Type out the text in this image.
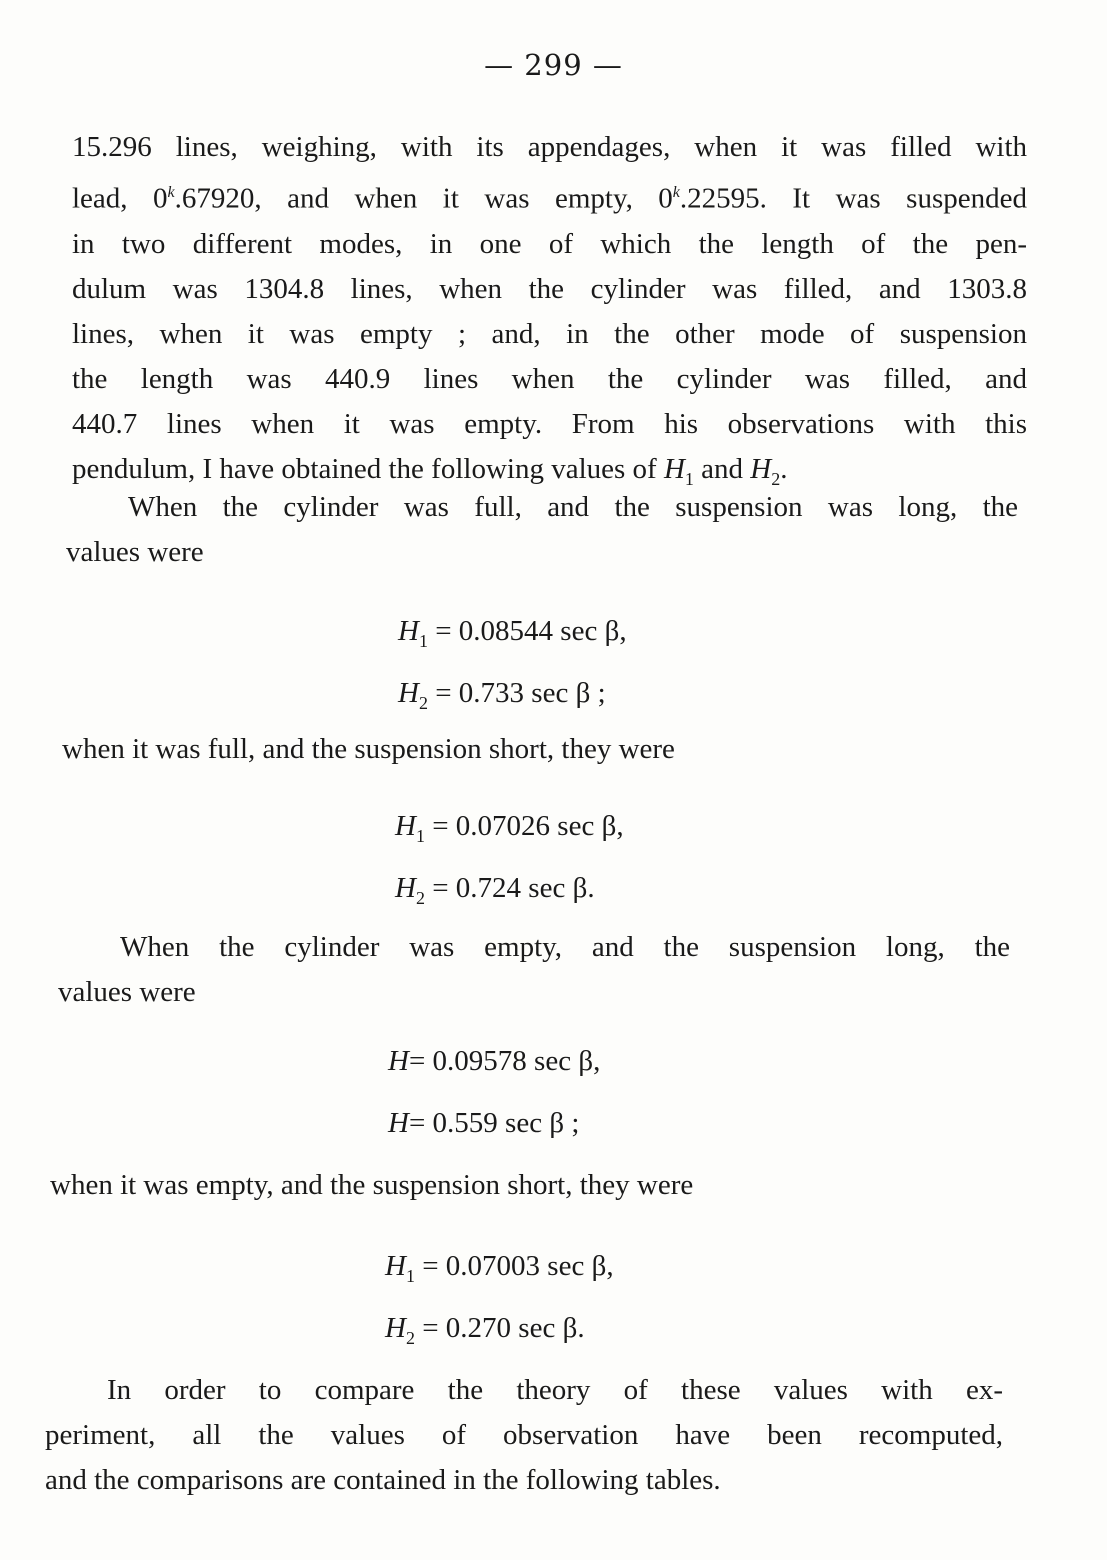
— 299 —
15.296 lines, weighing, with its appendages, when it was filled with
lead, 0$^k$.67920, and when it was empty, 0$^k$.22595. It was suspended
in two different modes, in one of which the length of the pen-
dulum was 1304.8 lines, when the cylinder was filled, and 1303.8
lines, when it was empty ; and, in the other mode of suspension
the length was 440.9 lines when the cylinder was filled, and
440.7 lines when it was empty. From his observations with this
pendulum, I have obtained the following values of $H_1$ and $H_2$.
When the cylinder was full, and the suspension was long, the
values were
$H_1 = 0.08544$ sec β,
$H_2 = 0.733$ sec β ;
when it was full, and the suspension short, they were
$H_1 = 0.07026$ sec β,
$H_2 = 0.724$ sec β.
When the cylinder was empty, and the suspension long, the
values were
H= 0.09578 sec β,
H= 0.559 sec β ;
when it was empty, and the suspension short, they were
$H_1 = 0.07003$ sec β,
$H_2 = 0.270$ sec β.
In order to compare the theory of these values with ex-
periment, all the values of observation have been recomputed,
and the comparisons are contained in the following tables.
